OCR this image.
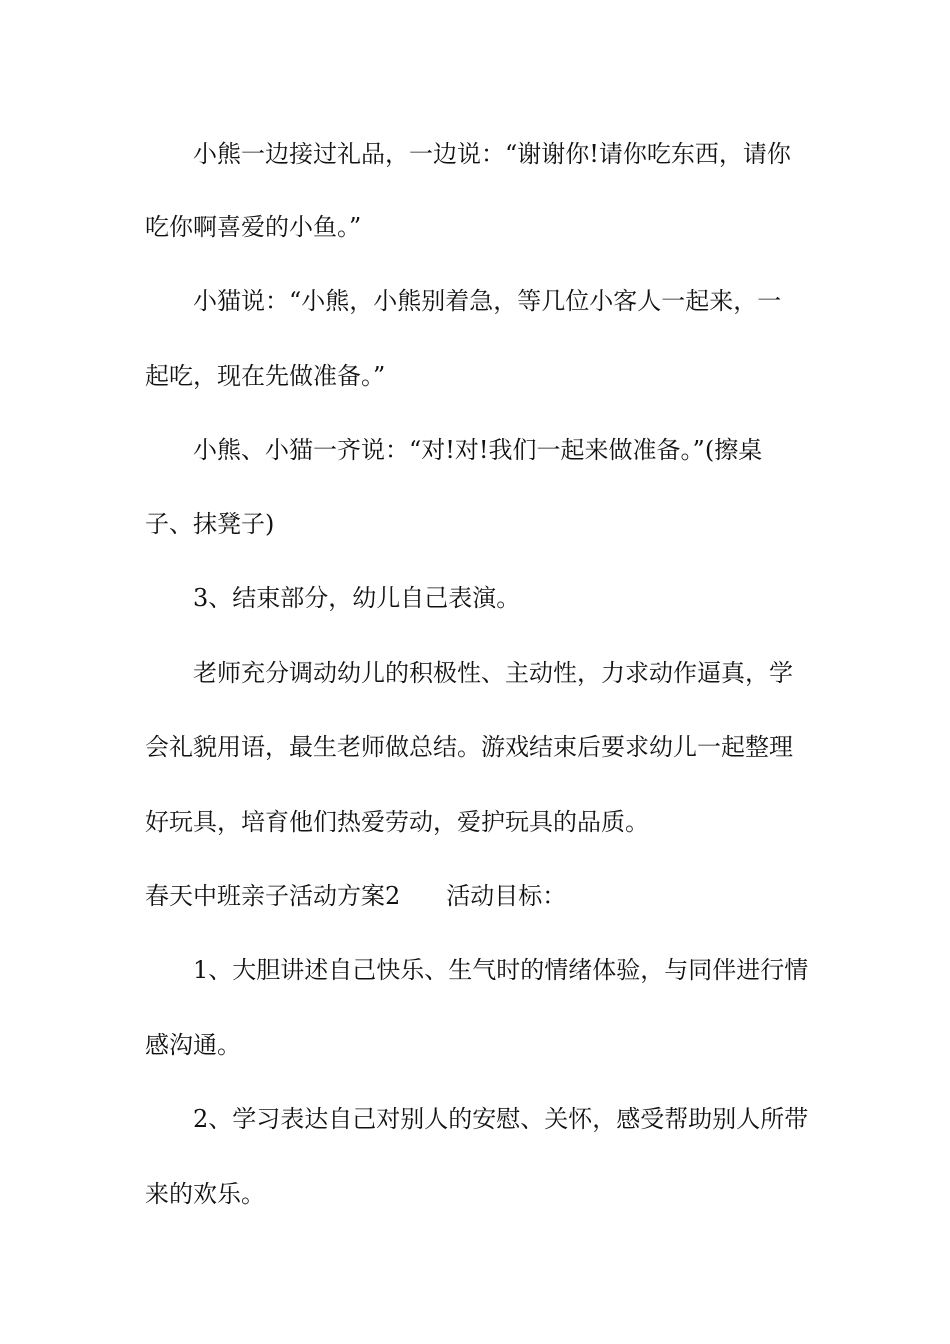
小熊一边接过礼品，一边说：“谢谢你!请你吃东西，请你
吃你啊喜爱的小鱼。”
小猫说：“小熊，小熊别着急，等几位小客人一起来，一
起吃，现在先做准备。”
小熊、小猫一齐说：“对!对!我们一起来做准备。”(擦桌
子、抹凳子)
3、结束部分，幼儿自己表演。
老师充分调动幼儿的积极性、主动性，力求动作逼真，学
会礼貌用语，最生老师做总结。游戏结束后要求幼儿一起整理
好玩具，培育他们热爱劳动，爱护玩具的品质。
春天中班亲子活动方案2 活动目标：
1、大胆讲述自己快乐、生气时的情绪体验，与同伴进行情
感沟通。
2、学习表达自己对别人的安慰、关怀，感受帮助别人所带
来的欢乐。
